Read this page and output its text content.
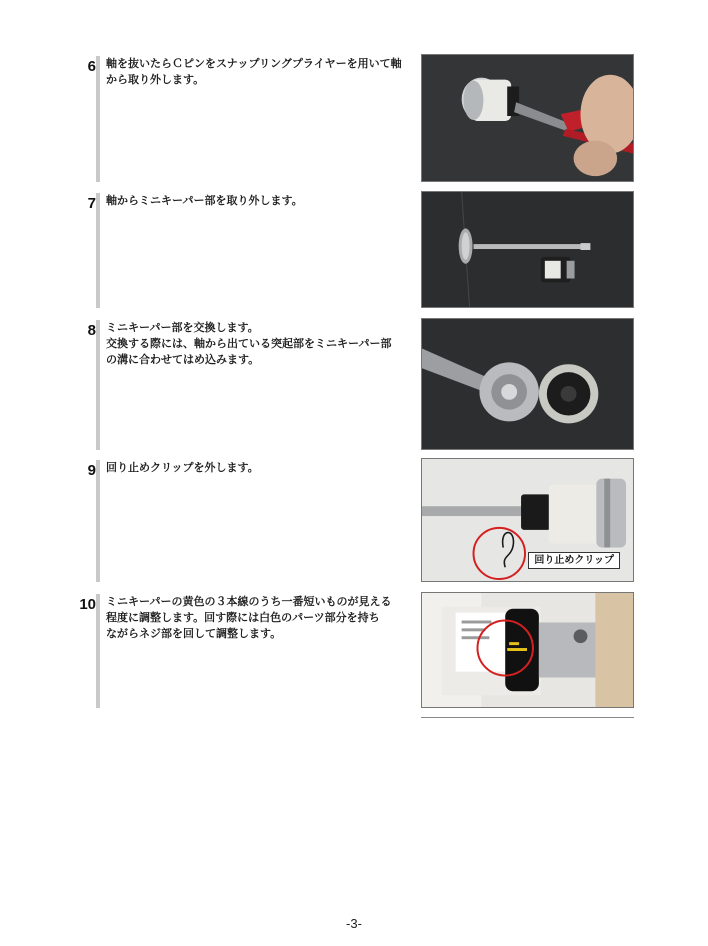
6 軸を抜いたらＣピンをスナップリングプライヤーを用いて軸
から取り外します。
7 軸からミニキーパー部を取り外します。
8 ミニキーパー部を交換します。
交換する際には、軸から出ている突起部をミニキーパー部
の溝に合わせてはめ込みます。
9 回り止めクリップを外します。
回り止めクリップ
10 ミニキーパーの黄色の３本線のうち一番短いものが見える
程度に調整します。回す際には白色のパーツ部分を持ち
ながらネジ部を回して調整します。
-3-
